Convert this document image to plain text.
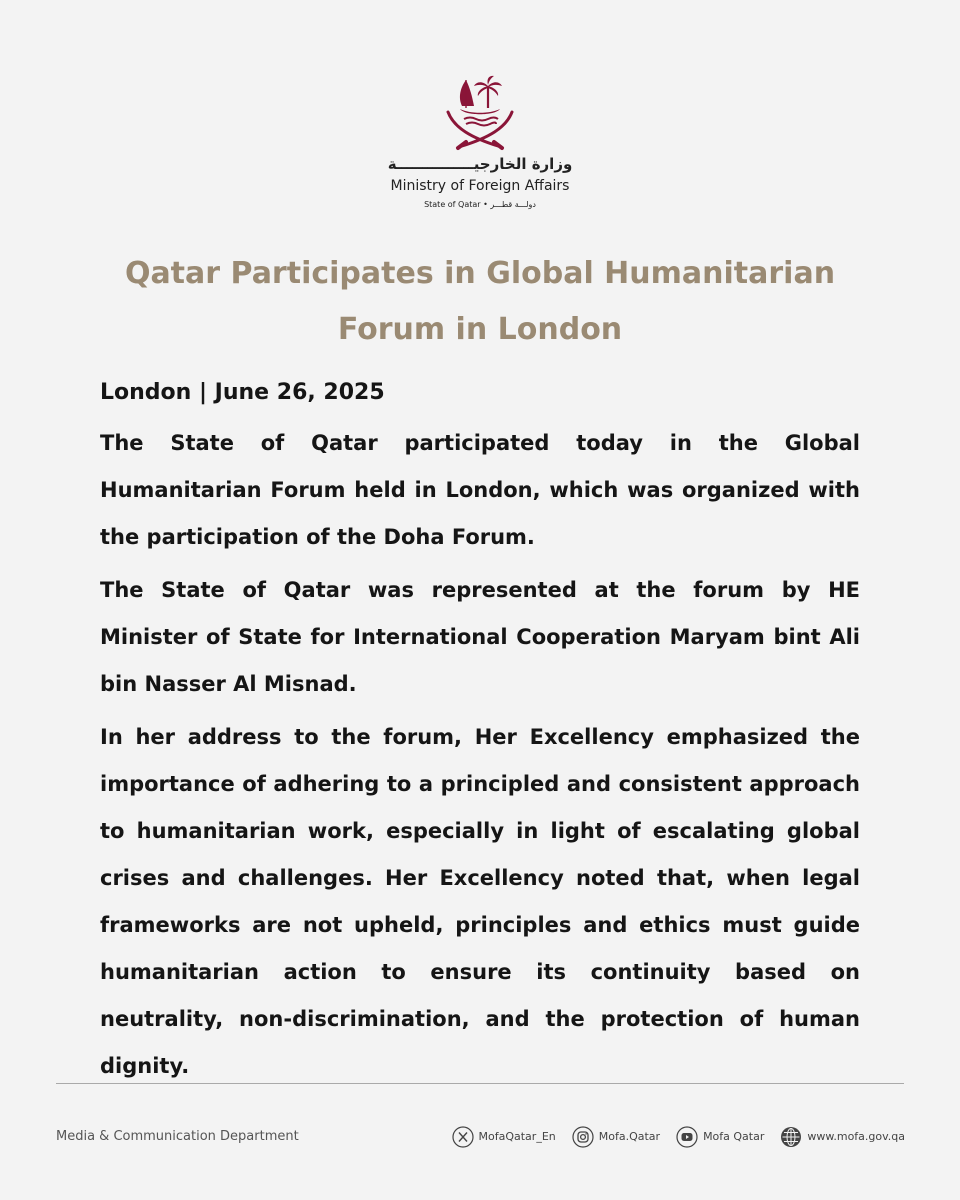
وزارة الخارجيـــــــــــــــة
Ministry of Foreign Affairs
State of Qatar • دولـــة قطـــر
Qatar Participates in Global Humanitarian Forum in London

London | June 26, 2025

The State of Qatar participated today in the Global Humanitarian Forum held in London, which was organized with the participation of the Doha Forum.

The State of Qatar was represented at the forum by HE Minister of State for International Cooperation Maryam bint Ali bin Nasser Al Misnad.

In her address to the forum, Her Excellency emphasized the importance of adhering to a principled and consistent approach to humanitarian work, especially in light of escalating global crises and challenges. Her Excellency noted that, when legal frameworks are not upheld, principles and ethics must guide humanitarian action to ensure its continuity based on neutrality, non-discrimination, and the protection of human dignity.

Media & Communication Department	MofaQatar_En	Mofa.Qatar	Mofa Qatar	www.mofa.gov.qa
